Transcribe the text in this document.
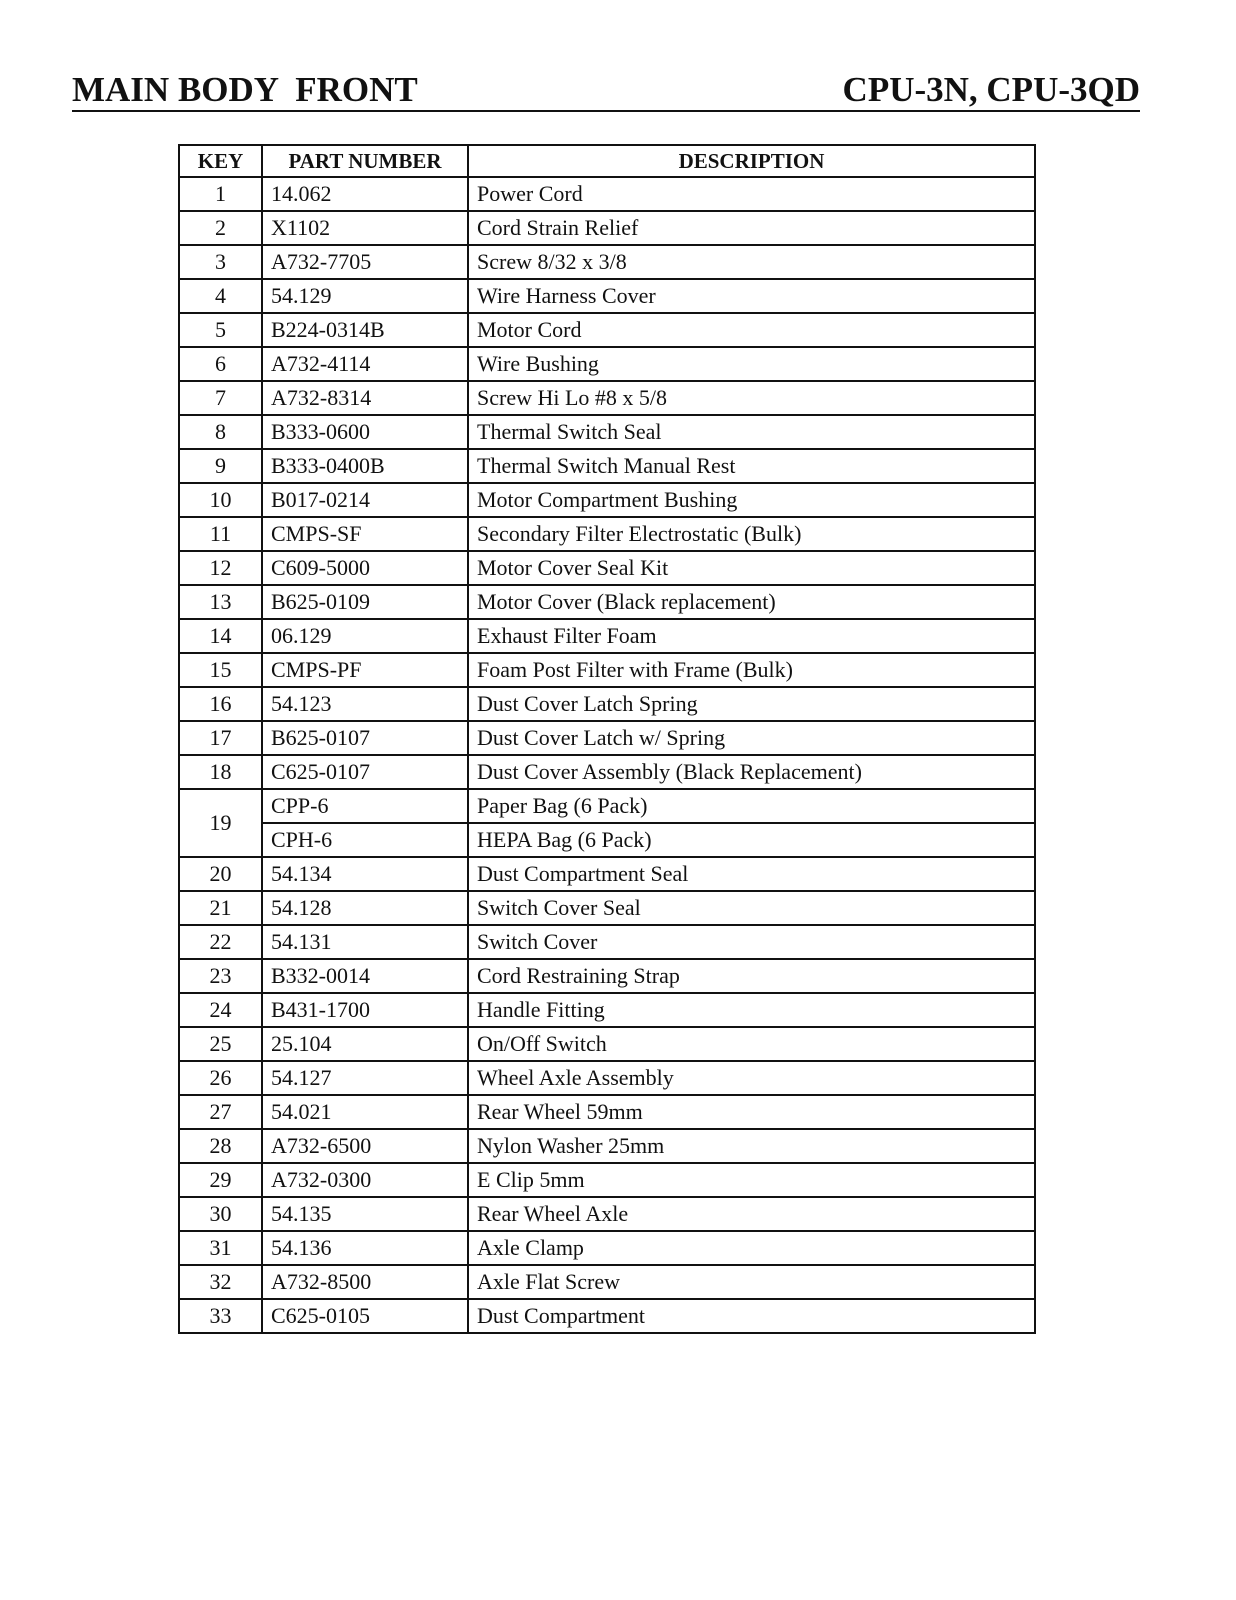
MAIN BODY  FRONT	CPU-3N, CPU-3QD
KEY	PART NUMBER	DESCRIPTION
1	14.062	Power Cord
2	X1102	Cord Strain Relief
3	A732-7705	Screw 8/32 x 3/8
4	54.129	Wire Harness Cover
5	B224-0314B	Motor Cord
6	A732-4114	Wire Bushing
7	A732-8314	Screw Hi Lo #8 x 5/8
8	B333-0600	Thermal Switch Seal
9	B333-0400B	Thermal Switch Manual Rest
10	B017-0214	Motor Compartment Bushing
11	CMPS-SF	Secondary Filter Electrostatic (Bulk)
12	C609-5000	Motor Cover Seal Kit
13	B625-0109	Motor Cover (Black replacement)
14	06.129	Exhaust Filter Foam
15	CMPS-PF	Foam Post Filter with Frame (Bulk)
16	54.123	Dust Cover Latch Spring
17	B625-0107	Dust Cover Latch w/ Spring
18	C625-0107	Dust Cover Assembly (Black Replacement)
19	CPP-6	Paper Bag (6 Pack)
	CPH-6	HEPA Bag (6 Pack)
20	54.134	Dust Compartment Seal
21	54.128	Switch Cover Seal
22	54.131	Switch Cover
23	B332-0014	Cord Restraining Strap
24	B431-1700	Handle Fitting
25	25.104	On/Off Switch
26	54.127	Wheel Axle Assembly
27	54.021	Rear Wheel 59mm
28	A732-6500	Nylon Washer 25mm
29	A732-0300	E Clip 5mm
30	54.135	Rear Wheel Axle
31	54.136	Axle Clamp
32	A732-8500	Axle Flat Screw
33	C625-0105	Dust Compartment
